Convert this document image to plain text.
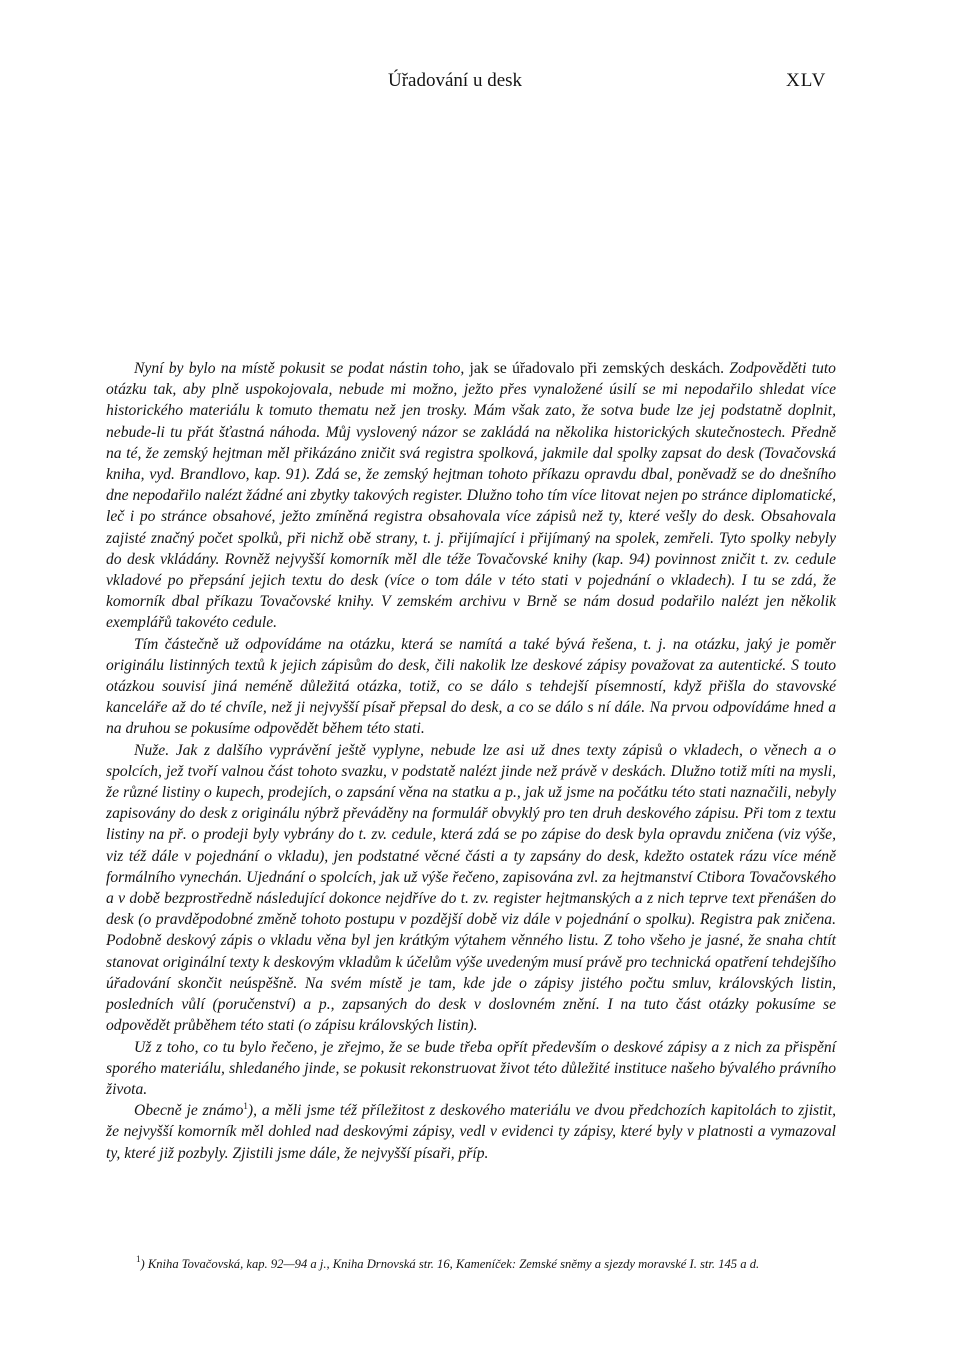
Úřadování u desk	XLV

Nyní by bylo na místě pokusit se podat nástin toho, jak se úřadovalo při zemských deskách. Zodpověděti tuto otázku tak, aby plně uspokojovala, nebude mi možno, ježto přes vynaložené úsilí se mi nepodařilo shledat více historického materiálu k tomuto thematu než jen trosky. Mám však zato, že sotva bude lze jej podstatně doplnit, nebude-li tu přát šťastná náhoda. Můj vyslovený názor se zakládá na několika historických skutečnostech. Předně na té, že zemský hejtman měl přikázáno zničit svá registra spolková, jakmile dal spolky zapsat do desk (Tovačovská kniha, vyd. Brandlovo, kap. 91). Zdá se, že zemský hejtman tohoto příkazu opravdu dbal, poněvadž se do dnešního dne nepodařilo nalézt žádné ani zbytky takových register. Dlužno toho tím více litovat nejen po stránce diplomatické, leč i po stránce obsahové, ježto zmíněná registra obsahovala více zápisů než ty, které vešly do desk. Obsahovala zajisté značný počet spolků, při nichž obě strany, t. j. přijímající i přijímaný na spolek, zemřeli. Tyto spolky nebyly do desk vkládány. Rovněž nejvyšší komorník měl dle téže Tovačovské knihy (kap. 94) povinnost zničit t. zv. cedule vkladové po přepsání jejich textu do desk (více o tom dále v této stati v pojednání o vkladech). I tu se zdá, že komorník dbal příkazu Tovačovské knihy. V zemském archivu v Brně se nám dosud podařilo nalézt jen několik exemplářů takovéto cedule.

Tím částečně už odpovídáme na otázku, která se namítá a také bývá řešena, t. j. na otázku, jaký je poměr originálu listinných textů k jejich zápisům do desk, čili nakolik lze deskové zápisy považovat za autentické. S touto otázkou souvisí jiná neméně důležitá otázka, totiž, co se dálo s tehdejší písemností, když přišla do stavovské kanceláře až do té chvíle, než ji nejvyšší písař přepsal do desk, a co se dálo s ní dále. Na prvou odpovídáme hned a na druhou se pokusíme odpovědět během této stati.

Nuže. Jak z dalšího vyprávění ještě vyplyne, nebude lze asi už dnes texty zápisů o vkladech, o věnech a o spolcích, jež tvoří valnou část tohoto svazku, v podstatě nalézt jinde než právě v deskách. Dlužno totiž míti na mysli, že různé listiny o kupech, prodejích, o zapsání věna na statku a p., jak už jsme na počátku této stati naznačili, nebyly zapisovány do desk z originálu nýbrž převáděny na formulář obvyklý pro ten druh deskového zápisu. Při tom z textu listiny na př. o prodeji byly vybrány do t. zv. cedule, která zdá se po zápise do desk byla opravdu zničena (viz výše, viz též dále v pojednání o vkladu), jen podstatné věcné části a ty zapsány do desk, kdežto ostatek rázu více méně formálního vynechán. Ujednání o spolcích, jak už výše řečeno, zapisována zvl. za hejtmanství Ctibora Tovačovského a v době bezprostředně následující dokonce nejdříve do t. zv. register hejtmanských a z nich teprve text přenášen do desk (o pravděpodobné změně tohoto postupu v pozdější době viz dále v pojednání o spolku). Registra pak zničena. Podobně deskový zápis o vkladu věna byl jen krátkým výtahem věnného listu. Z toho všeho je jasné, že snaha chtít stanovat originální texty k deskovým vkladům k účelům výše uvedeným musí právě pro technická opatření tehdejšího úřadování skončit neúspěšně. Na svém místě je tam, kde jde o zápisy jistého počtu smluv, královských listin, posledních vůlí (poručenství) a p., zapsaných do desk v doslovném znění. I na tuto část otázky pokusíme se odpovědět průběhem této stati (o zápisu královských listin).

Už z toho, co tu bylo řečeno, je zřejmo, že se bude třeba opřít především o deskové zápisy a z nich za přispění sporého materiálu, shledaného jinde, se pokusit rekonstruovat život této důležité instituce našeho bývalého právního života.

Obecně je známo$^1$), a měli jsme též příležitost z deskového materiálu ve dvou předchozích kapitolách to zjistit, že nejvyšší komorník měl dohled nad deskovými zápisy, vedl v evidenci ty zápisy, které byly v platnosti a vymazoval ty, které již pozbyly. Zjistili jsme dále, že nejvyšší písaři, příp.

$^1$) Kniha Tovačovská, kap. 92—94 a j., Kniha Drnovská str. 16, Kameníček: Zemské sněmy a sjezdy moravské I. str. 145 a d.
